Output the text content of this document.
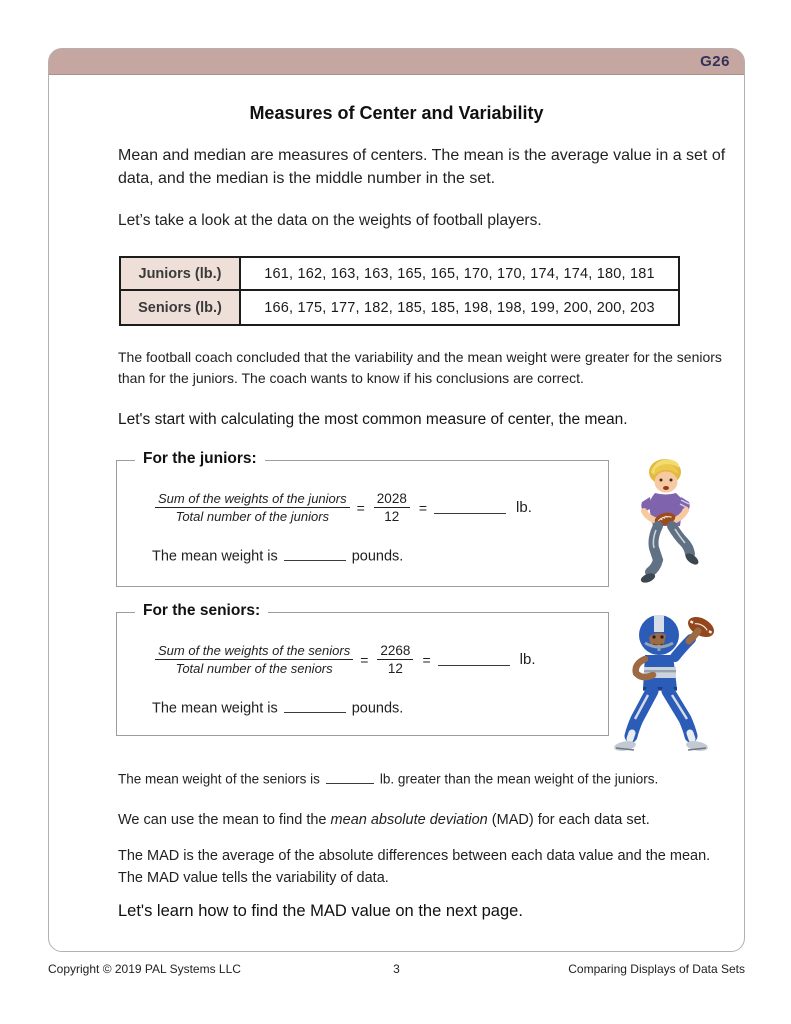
G26
Measures of Center and Variability

Mean and median are measures of centers. The mean is the average value in a set of data, and the median is the middle number in the set.

Let’s take a look at the data on the weights of football players.

Juniors (lb.)	161, 162, 163, 163, 165, 165, 170, 170, 174, 174, 180, 181
Seniors (lb.)	166, 175, 177, 182, 185, 185, 198, 198, 199, 200, 200, 203

The football coach concluded that the variability and the mean weight were greater for the seniors than for the juniors. The coach wants to know if his conclusions are correct.

Let's start with calculating the most common measure of center, the mean.

For the juniors:
$\frac{\text{Sum of the weights of the juniors}}{\text{Total number of the juniors}} = \frac{2028}{12}$ =	lb.
The mean weight is	pounds.
For the seniors:
$\frac{\text{Sum of the weights of the seniors}}{\text{Total number of the seniors}} = \frac{2268}{12}$ =	lb.
The mean weight is	pounds.

The mean weight of the seniors is	lb. greater than the mean weight of the juniors.

We can use the mean to find the mean absolute deviation (MAD) for each data set.

The MAD is the average of the absolute differences between each data value and the mean. The MAD value tells the variability of data.

Let's learn how to find the MAD value on the next page.

Copyright © 2019 PAL Systems LLC	3	Comparing Displays of Data Sets
